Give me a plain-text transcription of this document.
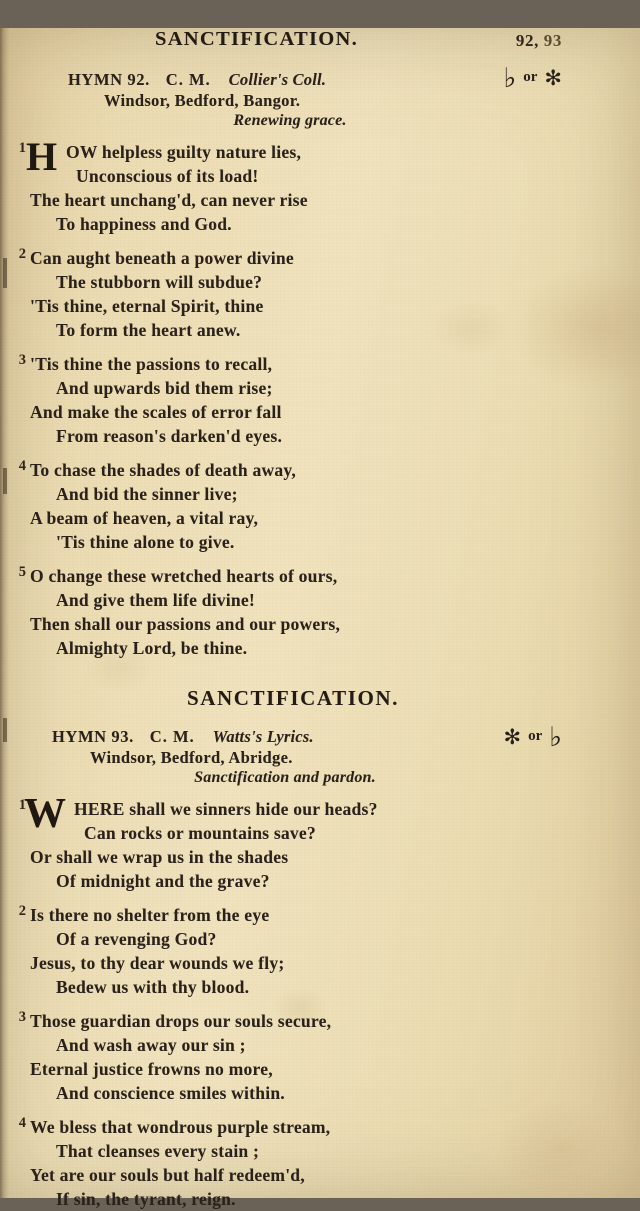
SANCTIFICATION.	92, 93
HYMN 92. C. M. Collier's Coll.	♭ or ✻
Windsor, Bedford, Bangor.
Renewing grace.
1 H OW helpless guilty nature lies,
Unconscious of its load!
The heart unchang'd, can never rise
To happiness and God.
2 Can aught beneath a power divine
The stubborn will subdue?
'Tis thine, eternal Spirit, thine
To form the heart anew.
3 'Tis thine the passions to recall,
And upwards bid them rise;
And make the scales of error fall
From reason's darken'd eyes.
4 To chase the shades of death away,
And bid the sinner live;
A beam of heaven, a vital ray,
'Tis thine alone to give.
5 O change these wretched hearts of ours,
And give them life divine!
Then shall our passions and our powers,
Almighty Lord, be thine.
SANCTIFICATION.
HYMN 93. C. M. Watts's Lyrics.	✻ or ♭
Windsor, Bedford, Abridge.
Sanctification and pardon.
1
W HERE shall we sinners hide our heads?
Can rocks or mountains save?
Or shall we wrap us in the shades
Of midnight and the grave?
2 Is there no shelter from the eye
Of a revenging God?
Jesus, to thy dear wounds we fly;
Bedew us with thy blood.
3 Those guardian drops our souls secure,
And wash away our sin ;
Eternal justice frowns no more,
And conscience smiles within.
4 We bless that wondrous purple stream,
That cleanses every stain ;
Yet are our souls but half redeem'd,
If sin, the tyrant, reign.
